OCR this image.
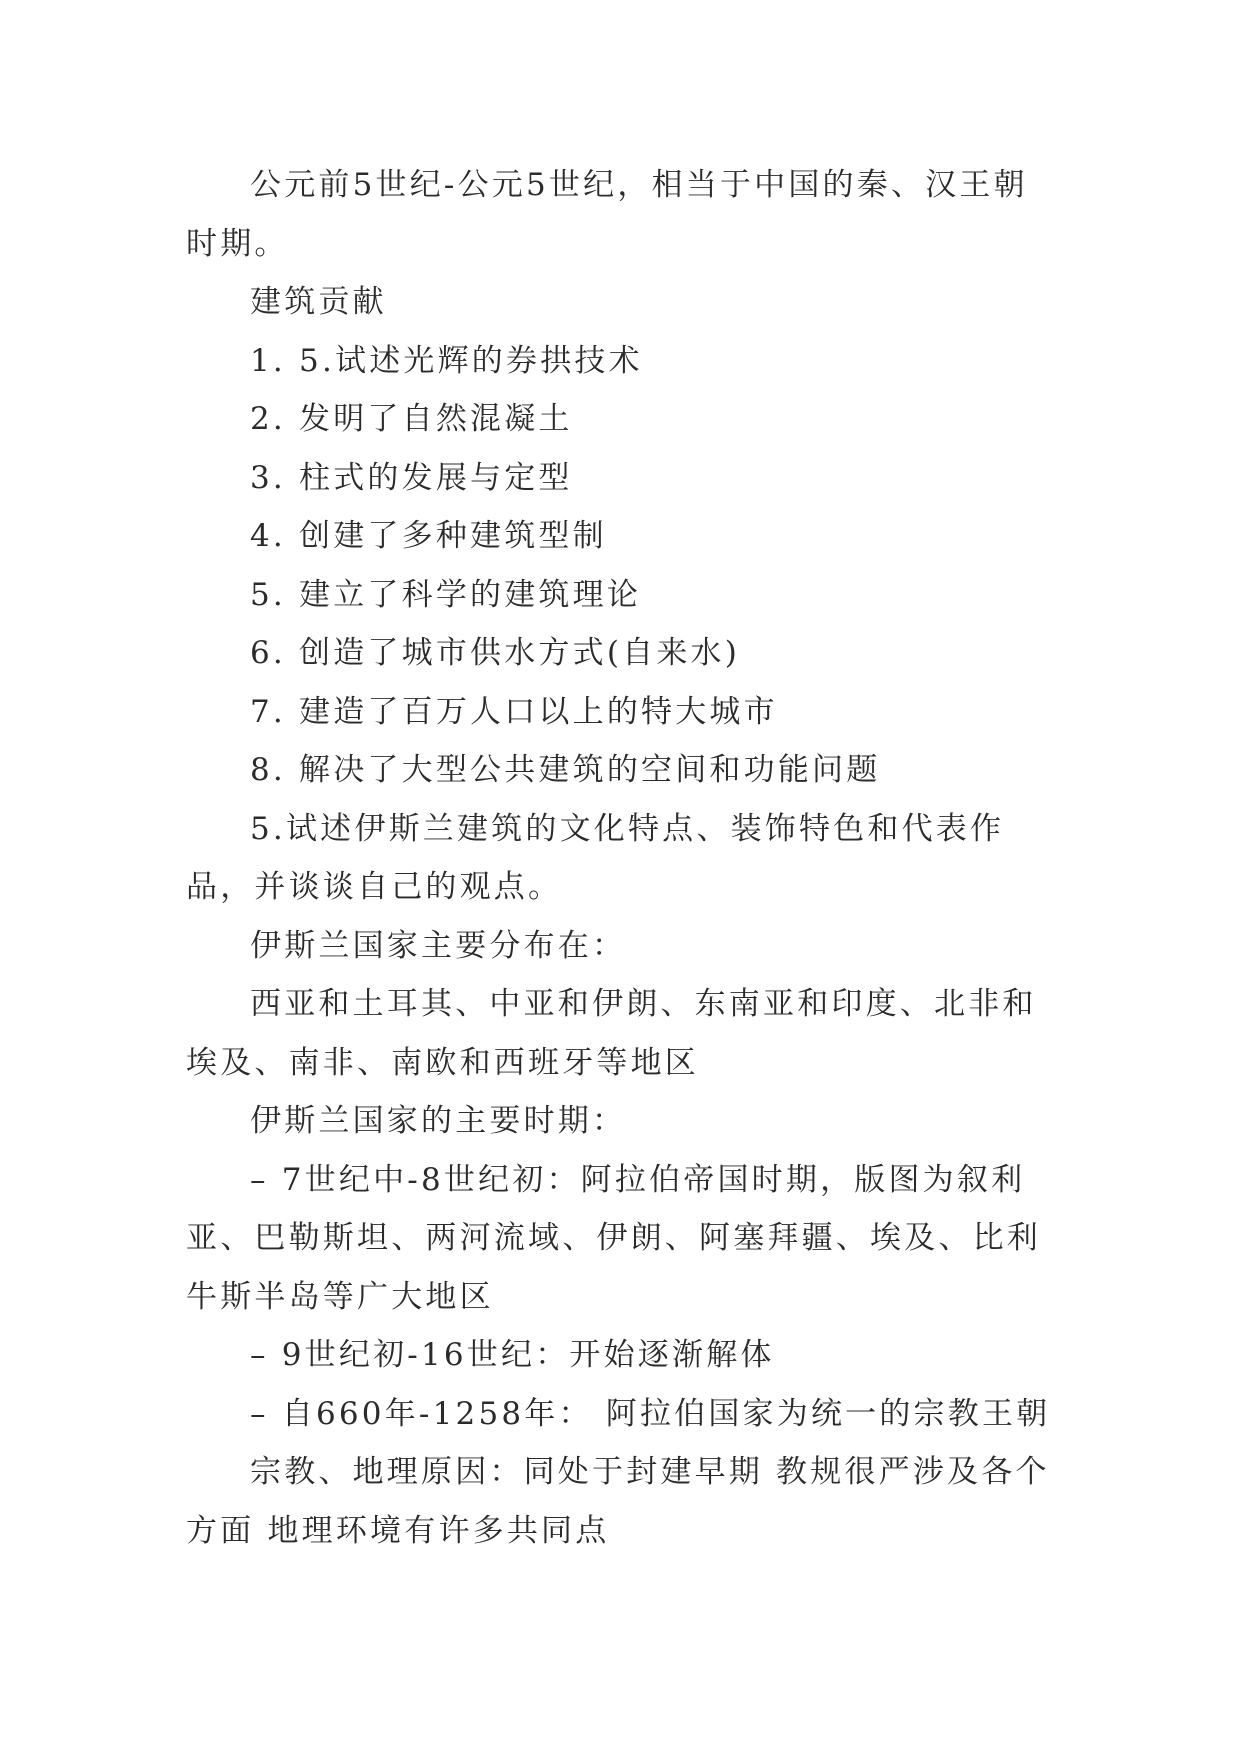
公元前5世纪-公元5世纪，相当于中国的秦、汉王朝时期。

建筑贡献

1. 5.试述光辉的券拱技术

2. 发明了自然混凝土

3. 柱式的发展与定型

4. 创建了多种建筑型制

5. 建立了科学的建筑理论

6. 创造了城市供水方式(自来水)

7. 建造了百万人口以上的特大城市

8. 解决了大型公共建筑的空间和功能问题

5.试述伊斯兰建筑的文化特点、装饰特色和代表作品，并谈谈自己的观点。

伊斯兰国家主要分布在：

西亚和土耳其、中亚和伊朗、东南亚和印度、北非和埃及、南非、南欧和西班牙等地区

伊斯兰国家的主要时期：

– 7世纪中-8世纪初：阿拉伯帝国时期，版图为叙利亚、巴勒斯坦、两河流域、伊朗、阿塞拜疆、埃及、比利牛斯半岛等广大地区

– 9世纪初-16世纪：开始逐渐解体

– 自660年-1258年： 阿拉伯国家为统一的宗教王朝

宗教、地理原因：同处于封建早期 教规很严涉及各个方面 地理环境有许多共同点
